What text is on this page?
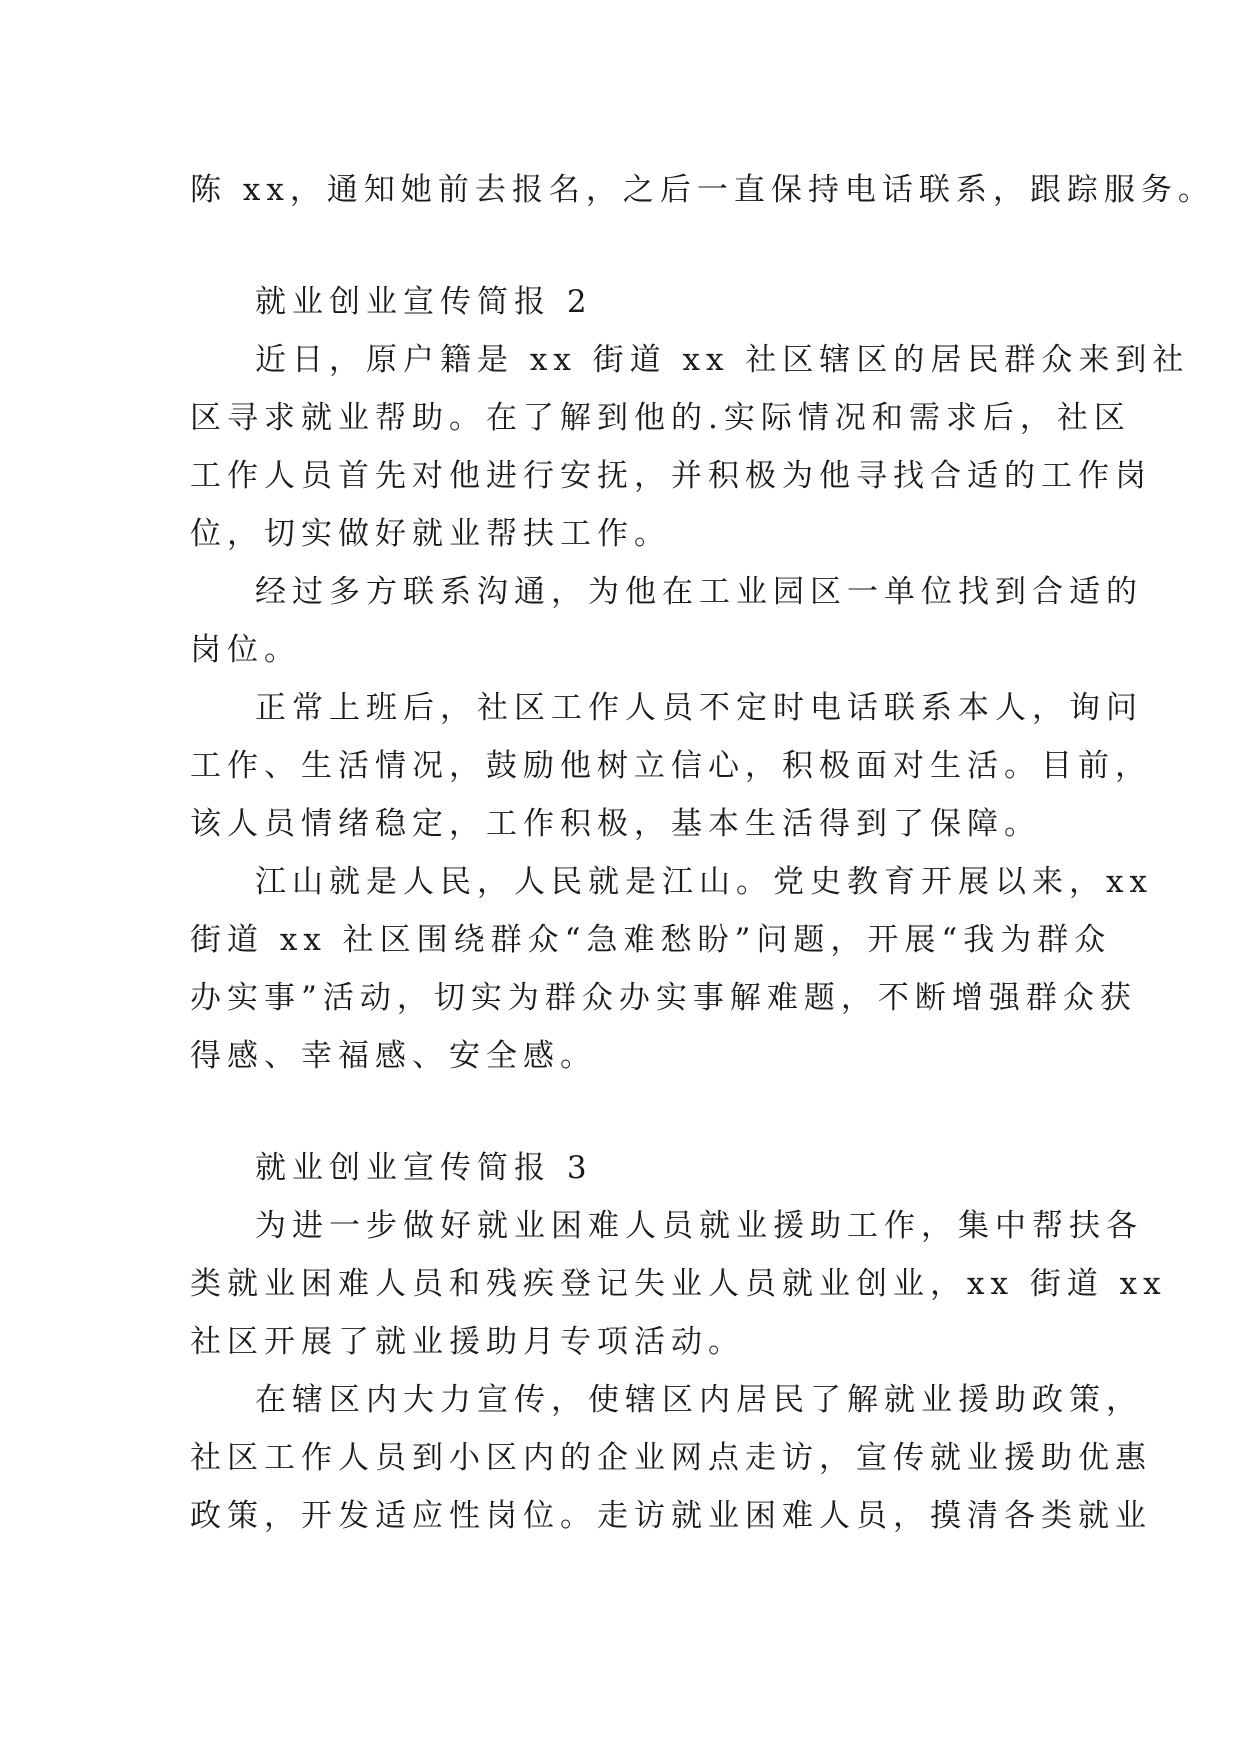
陈 xx，通知她前去报名，之后一直保持电话联系，跟踪服务。

就业创业宣传简报 2

近日，原户籍是 xx 街道 xx 社区辖区的居民群众来到社

区寻求就业帮助。在了解到他的.实际情况和需求后，社区

工作人员首先对他进行安抚，并积极为他寻找合适的工作岗

位，切实做好就业帮扶工作。

经过多方联系沟通，为他在工业园区一单位找到合适的

岗位。

正常上班后，社区工作人员不定时电话联系本人，询问

工作、生活情况，鼓励他树立信心，积极面对生活。目前，

该人员情绪稳定，工作积极，基本生活得到了保障。

江山就是人民，人民就是江山。党史教育开展以来，xx

街道 xx 社区围绕群众“急难愁盼”问题，开展“我为群众

办实事”活动，切实为群众办实事解难题，不断增强群众获

得感、幸福感、安全感。

就业创业宣传简报 3

为进一步做好就业困难人员就业援助工作，集中帮扶各

类就业困难人员和残疾登记失业人员就业创业，xx 街道 xx

社区开展了就业援助月专项活动。

在辖区内大力宣传，使辖区内居民了解就业援助政策，

社区工作人员到小区内的企业网点走访，宣传就业援助优惠

政策，开发适应性岗位。走访就业困难人员，摸清各类就业
